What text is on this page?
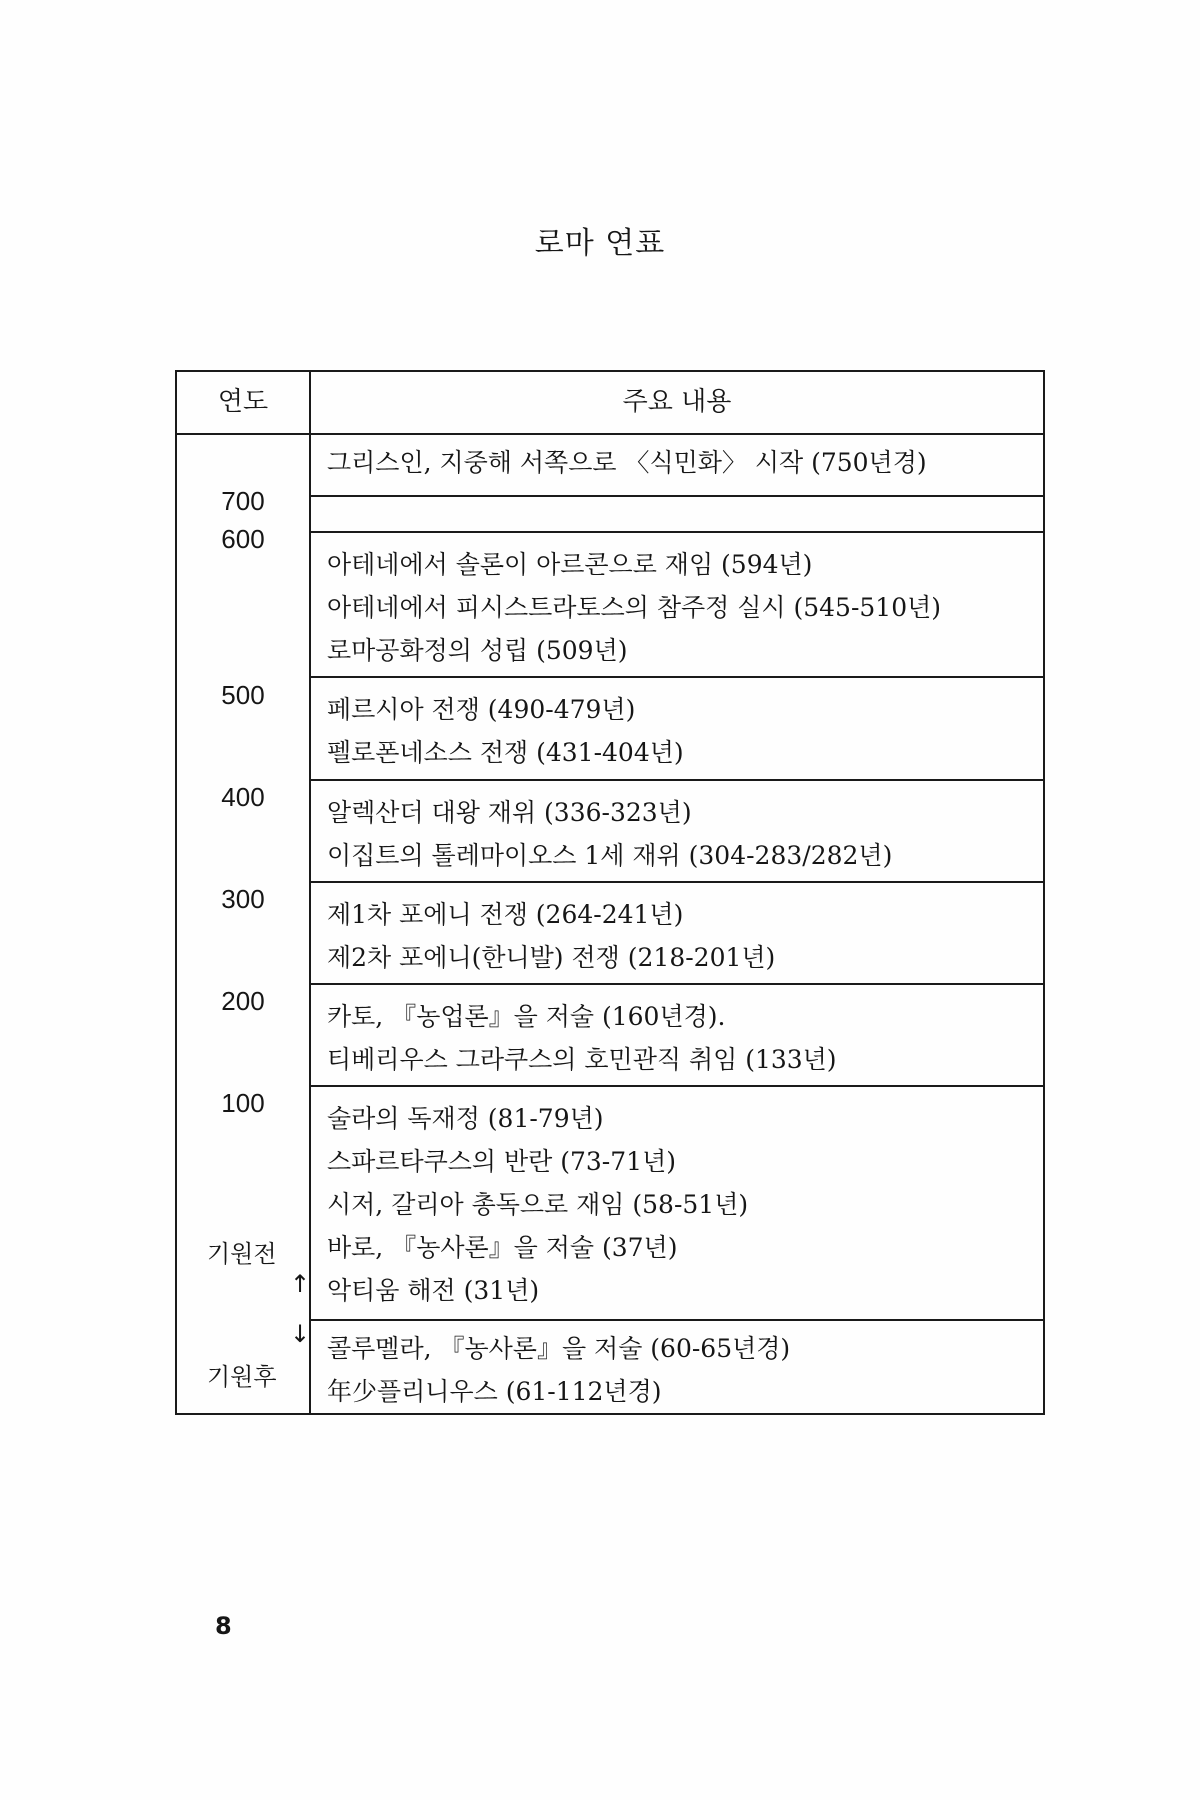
로마 연표
연도	주요 내용
700
600
500
400
300
200
100
기원전
↑
↓
기원후
그리스인, 지중해 서쪽으로 〈식민화〉 시작 (750년경)
아테네에서 솔론이 아르콘으로 재임 (594년)
아테네에서 피시스트라토스의 참주정 실시 (545-510년)
로마공화정의 성립 (509년)
페르시아 전쟁 (490-479년)
펠로폰네소스 전쟁 (431-404년)
알렉산더 대왕 재위 (336-323년)
이집트의 톨레마이오스 1세 재위 (304-283/282년)
제1차 포에니 전쟁 (264-241년)
제2차 포에니(한니발) 전쟁 (218-201년)
카토, 『농업론』을 저술 (160년경).
티베리우스 그라쿠스의 호민관직 취임 (133년)
술라의 독재정 (81-79년)
스파르타쿠스의 반란 (73-71년)
시저, 갈리아 총독으로 재임 (58-51년)
바로, 『농사론』을 저술 (37년)
악티움 해전 (31년)
콜루멜라, 『농사론』을 저술 (60-65년경)
年少플리니우스 (61-112년경)
8
